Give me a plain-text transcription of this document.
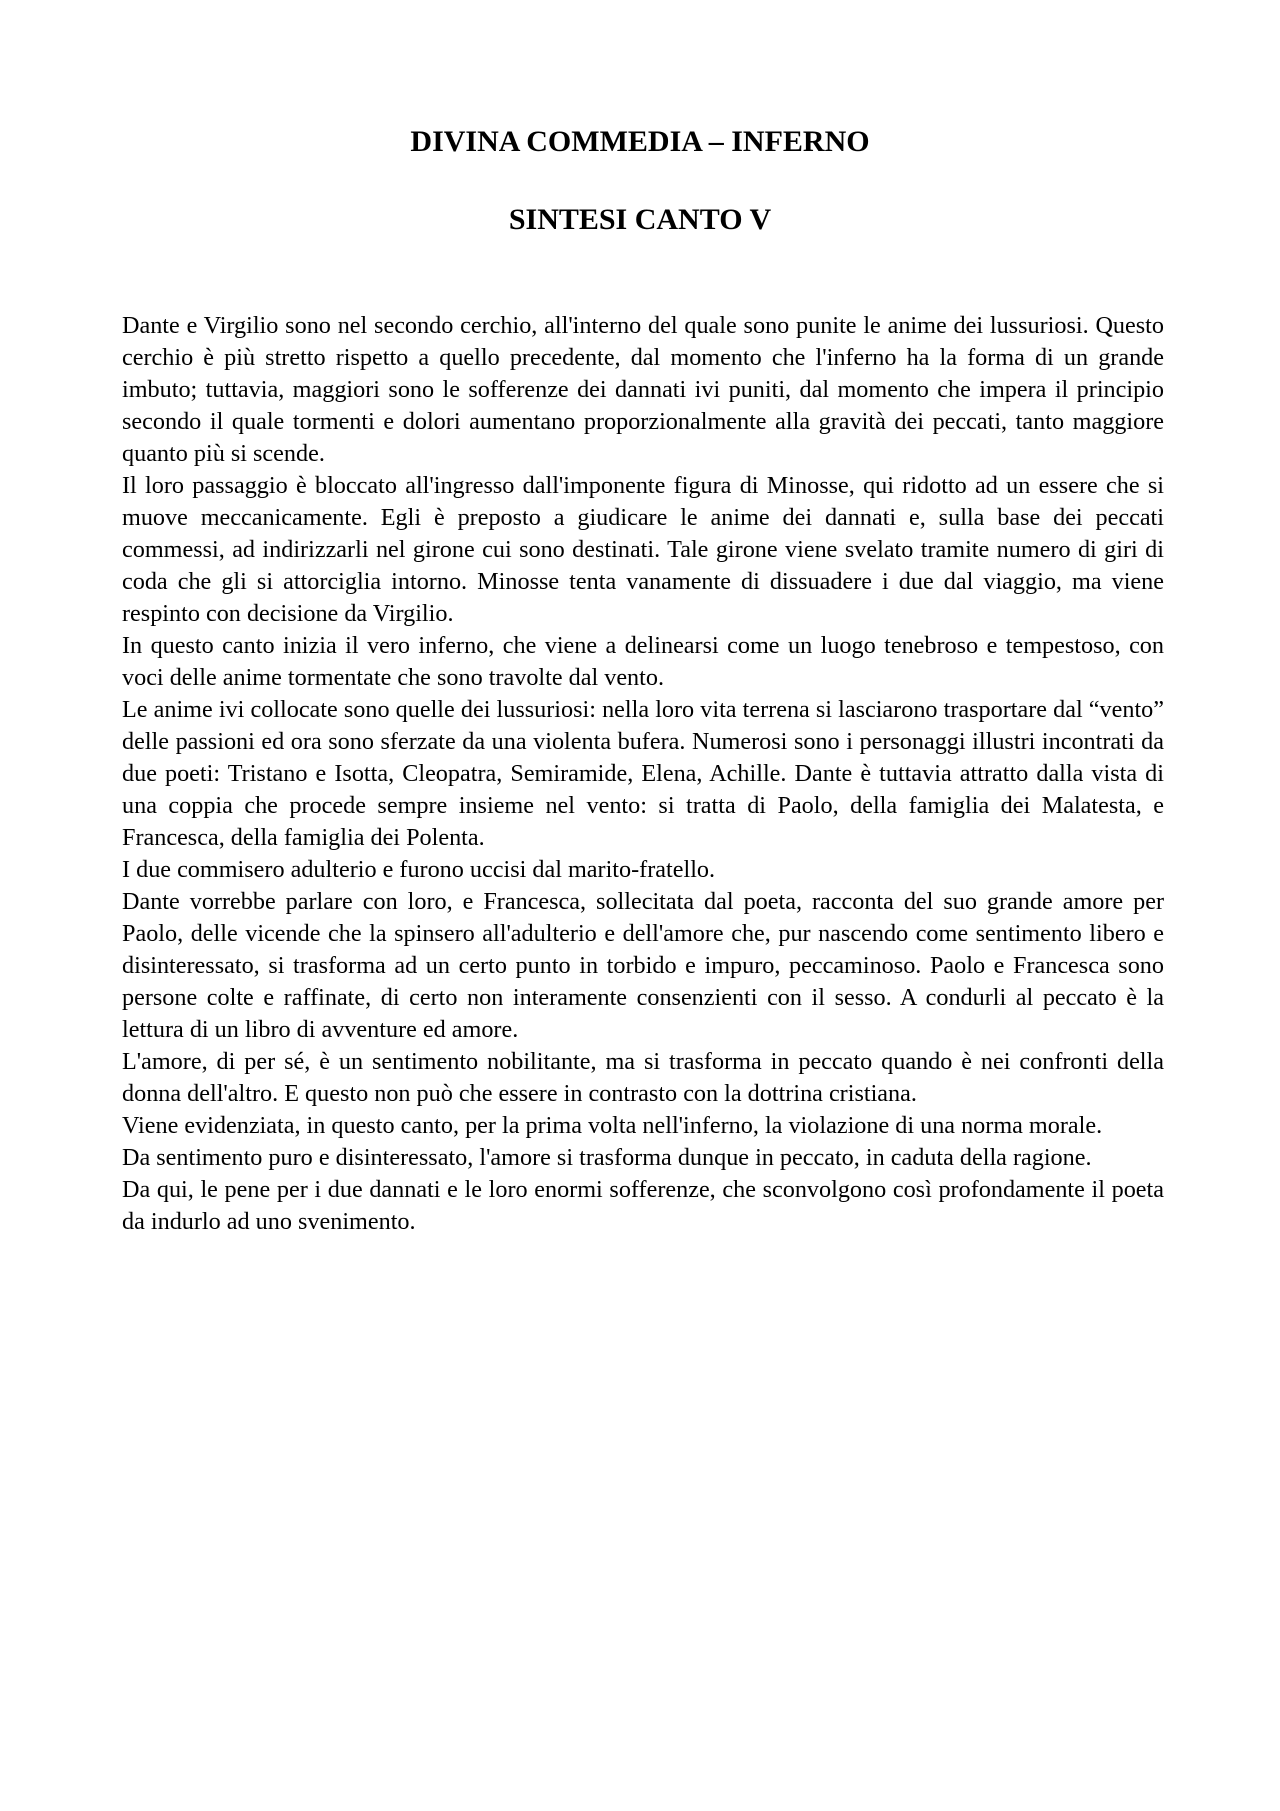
DIVINA COMMEDIA – INFERNO
SINTESI CANTO V

Dante e Virgilio sono nel secondo cerchio, all'interno del quale sono punite le anime dei lussuriosi. Questo cerchio è più stretto rispetto a quello precedente, dal momento che l'inferno ha la forma di un grande imbuto; tuttavia, maggiori sono le sofferenze dei dannati ivi puniti, dal momento che impera il principio secondo il quale tormenti e dolori aumentano proporzionalmente alla gravità dei peccati, tanto maggiore quanto più si scende.

Il loro passaggio è bloccato all'ingresso dall'imponente figura di Minosse, qui ridotto ad un essere che si muove meccanicamente. Egli è preposto a giudicare le anime dei dannati e, sulla base dei peccati commessi, ad indirizzarli nel girone cui sono destinati. Tale girone viene svelato tramite numero di giri di coda che gli si attorciglia intorno. Minosse tenta vanamente di dissuadere i due dal viaggio, ma viene respinto con decisione da Virgilio.

In questo canto inizia il vero inferno, che viene a delinearsi come un luogo tenebroso e tempestoso, con voci delle anime tormentate che sono travolte dal vento.

Le anime ivi collocate sono quelle dei lussuriosi: nella loro vita terrena si lasciarono trasportare dal “vento” delle passioni ed ora sono sferzate da una violenta bufera. Numerosi sono i personaggi illustri incontrati da due poeti: Tristano e Isotta, Cleopatra, Semiramide, Elena, Achille. Dante è tuttavia attratto dalla vista di una coppia che procede sempre insieme nel vento: si tratta di Paolo, della famiglia dei Malatesta, e Francesca, della famiglia dei Polenta.

I due commisero adulterio e furono uccisi dal marito-fratello.

Dante vorrebbe parlare con loro, e Francesca, sollecitata dal poeta, racconta del suo grande amore per Paolo, delle vicende che la spinsero all'adulterio e dell'amore che, pur nascendo come sentimento libero e disinteressato, si trasforma ad un certo punto in torbido e impuro, peccaminoso. Paolo e Francesca sono persone colte e raffinate, di certo non interamente consenzienti con il sesso. A condurli al peccato è la lettura di un libro di avventure ed amore.

L'amore, di per sé, è un sentimento nobilitante, ma si trasforma in peccato quando è nei confronti della donna dell'altro. E questo non può che essere in contrasto con la dottrina cristiana.

Viene evidenziata, in questo canto, per la prima volta nell'inferno, la violazione di una norma morale.

Da sentimento puro e disinteressato, l'amore si trasforma dunque in peccato, in caduta della ragione.

Da qui, le pene per i due dannati e le loro enormi sofferenze, che sconvolgono così profondamente il poeta da indurlo ad uno svenimento.
